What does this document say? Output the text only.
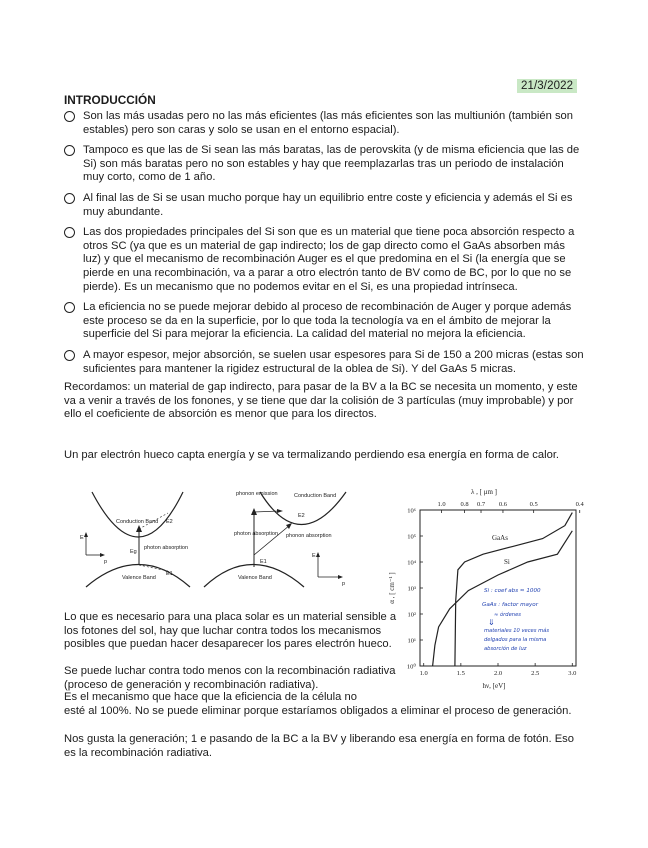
21/3/2022
INTRODUCCIÓN
Son las más usadas pero no las más eficientes (las más eficientes son las multiunión (también son estables) pero son caras y solo se usan en el entorno espacial).
Tampoco es que las de Si sean las más baratas, las de perovskita (y de misma eficiencia que las de Si) son más baratas pero no son estables y hay que reemplazarlas tras un periodo de instalación muy corto, como de 1 año.
Al final las de Si se usan mucho porque hay un equilibrio entre coste y eficiencia y además el Si es muy abundante.
Las dos propiedades principales del Si son que es un material que tiene poca absorción respecto a otros SC (ya que es un material de gap indirecto; los de gap directo como el GaAs absorben más luz) y que el mecanismo de recombinación Auger es el que predomina en el Si (la energía que se pierde en una recombinación, va a parar a otro electrón tanto de BV como de BC, por lo que no se pierde). Es un mecanismo que no podemos evitar en el Si, es una propiedad intrínseca.
La eficiencia no se puede mejorar debido al proceso de recombinación de Auger y porque además este proceso se da en la superficie, por lo que toda la tecnología va en el ámbito de mejorar la superficie del Si para mejorar la eficiencia. La calidad del material no mejora la eficiencia.
A mayor espesor, mejor absorción, se suelen usar espesores para Si de 150 a 200 micras (estas son suficientes para mantener la rigidez estructural de la oblea de Si). Y del GaAs 5 micras.

Recordamos: un material de gap indirecto, para pasar de la BV a la BC se necesita un momento, y este va a venir a través de los fonones, y se tiene que dar la colisión de 3 partículas (muy improbable) y por ello el coeficiente de absorción es menor que para los directos.

Un par electrón hueco capta energía y se va termalizando perdiendo esa energía en forma de calor.

Conduction Band
Valence Band
E2
E1
Eg
photon absorption
E
p
phonon emission	Conduction Band
E2
photon absorption phonon absorption
E1
Valence Band
E
p
λ , [ μm ]
hν, [eV]
α , [ cm⁻¹ ]
1.0	1.5	2.0	2.5	3.0
10⁰
10¹
10²
10³
10⁴
10⁵
10⁶
1.0 0.8 0.7 0.6	0.5	0.4
GaAs
Si
Si : coef abs ≈ 1000
GaAs : factor mayor
≈ órdenes
materiales 10 veces más
delgados para la misma
absorción de luz
⇓

Lo que es necesario para una placa solar es un material sensible a los fotones del sol, hay que luchar contra todos los mecanismos posibles que puedan hacer desaparecer los pares electrón hueco.

Se puede luchar contra todo menos con la recombinación radiativa (proceso de generación y recombinación radiativa).

Es el mecanismo que hace que la eficiencia de la célula no
esté al 100%. No se puede eliminar porque estaríamos obligados a eliminar el proceso de generación.

Nos gusta la generación; 1 e pasando de la BC a la BV y liberando esa energía en forma de fotón. Eso es la recombinación radiativa.
